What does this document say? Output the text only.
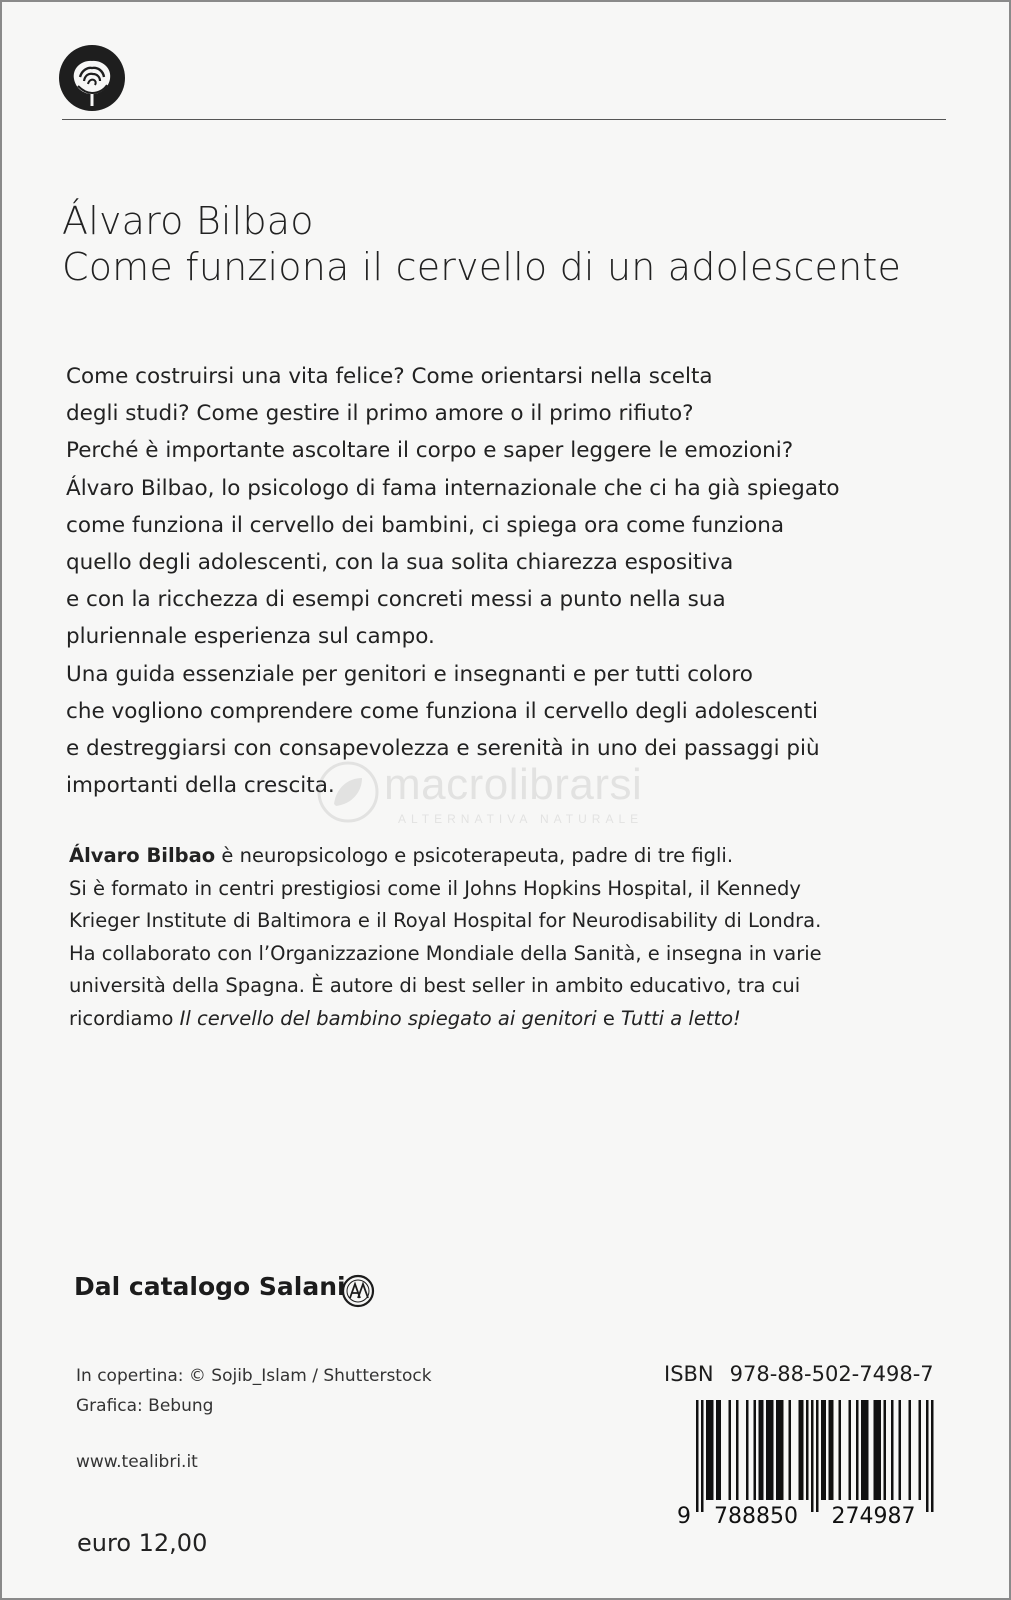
Álvaro Bilbao
Come funziona il cervello di un adolescente
Come costruirsi una vita felice? Come orientarsi nella scelta
degli studi? Come gestire il primo amore o il primo rifiuto?
Perché è importante ascoltare il corpo e saper leggere le emozioni?
Álvaro Bilbao, lo psicologo di fama internazionale che ci ha già spiegato
come funziona il cervello dei bambini, ci spiega ora come funziona
quello degli adolescenti, con la sua solita chiarezza espositiva
e con la ricchezza di esempi concreti messi a punto nella sua
pluriennale esperienza sul campo.
Una guida essenziale per genitori e insegnanti e per tutti coloro
che vogliono comprendere come funziona il cervello degli adolescenti
e destreggiarsi con consapevolezza e serenità in uno dei passaggi più
importanti della crescita.	macrolibrarsi
ALTERNATIVA NATURALE
Álvaro Bilbao è neuropsicologo e psicoterapeuta, padre di tre figli.
Si è formato in centri prestigiosi come il Johns Hopkins Hospital, il Kennedy
Krieger Institute di Baltimora e il Royal Hospital for Neurodisability di Londra.
Ha collaborato con l’Organizzazione Mondiale della Sanità, e insegna in varie
università della Spagna. È autore di best seller in ambito educativo, tra cui
ricordiamo Il cervello del bambino spiegato ai genitori e Tutti a letto!
Dal catalogo Salani
In copertina: © Sojib_Islam / Shutterstock
Grafica: Bebung
www.tealibri.it
euro 12,00
ISBN 978-88-502-7498-7
9 788850 274987
